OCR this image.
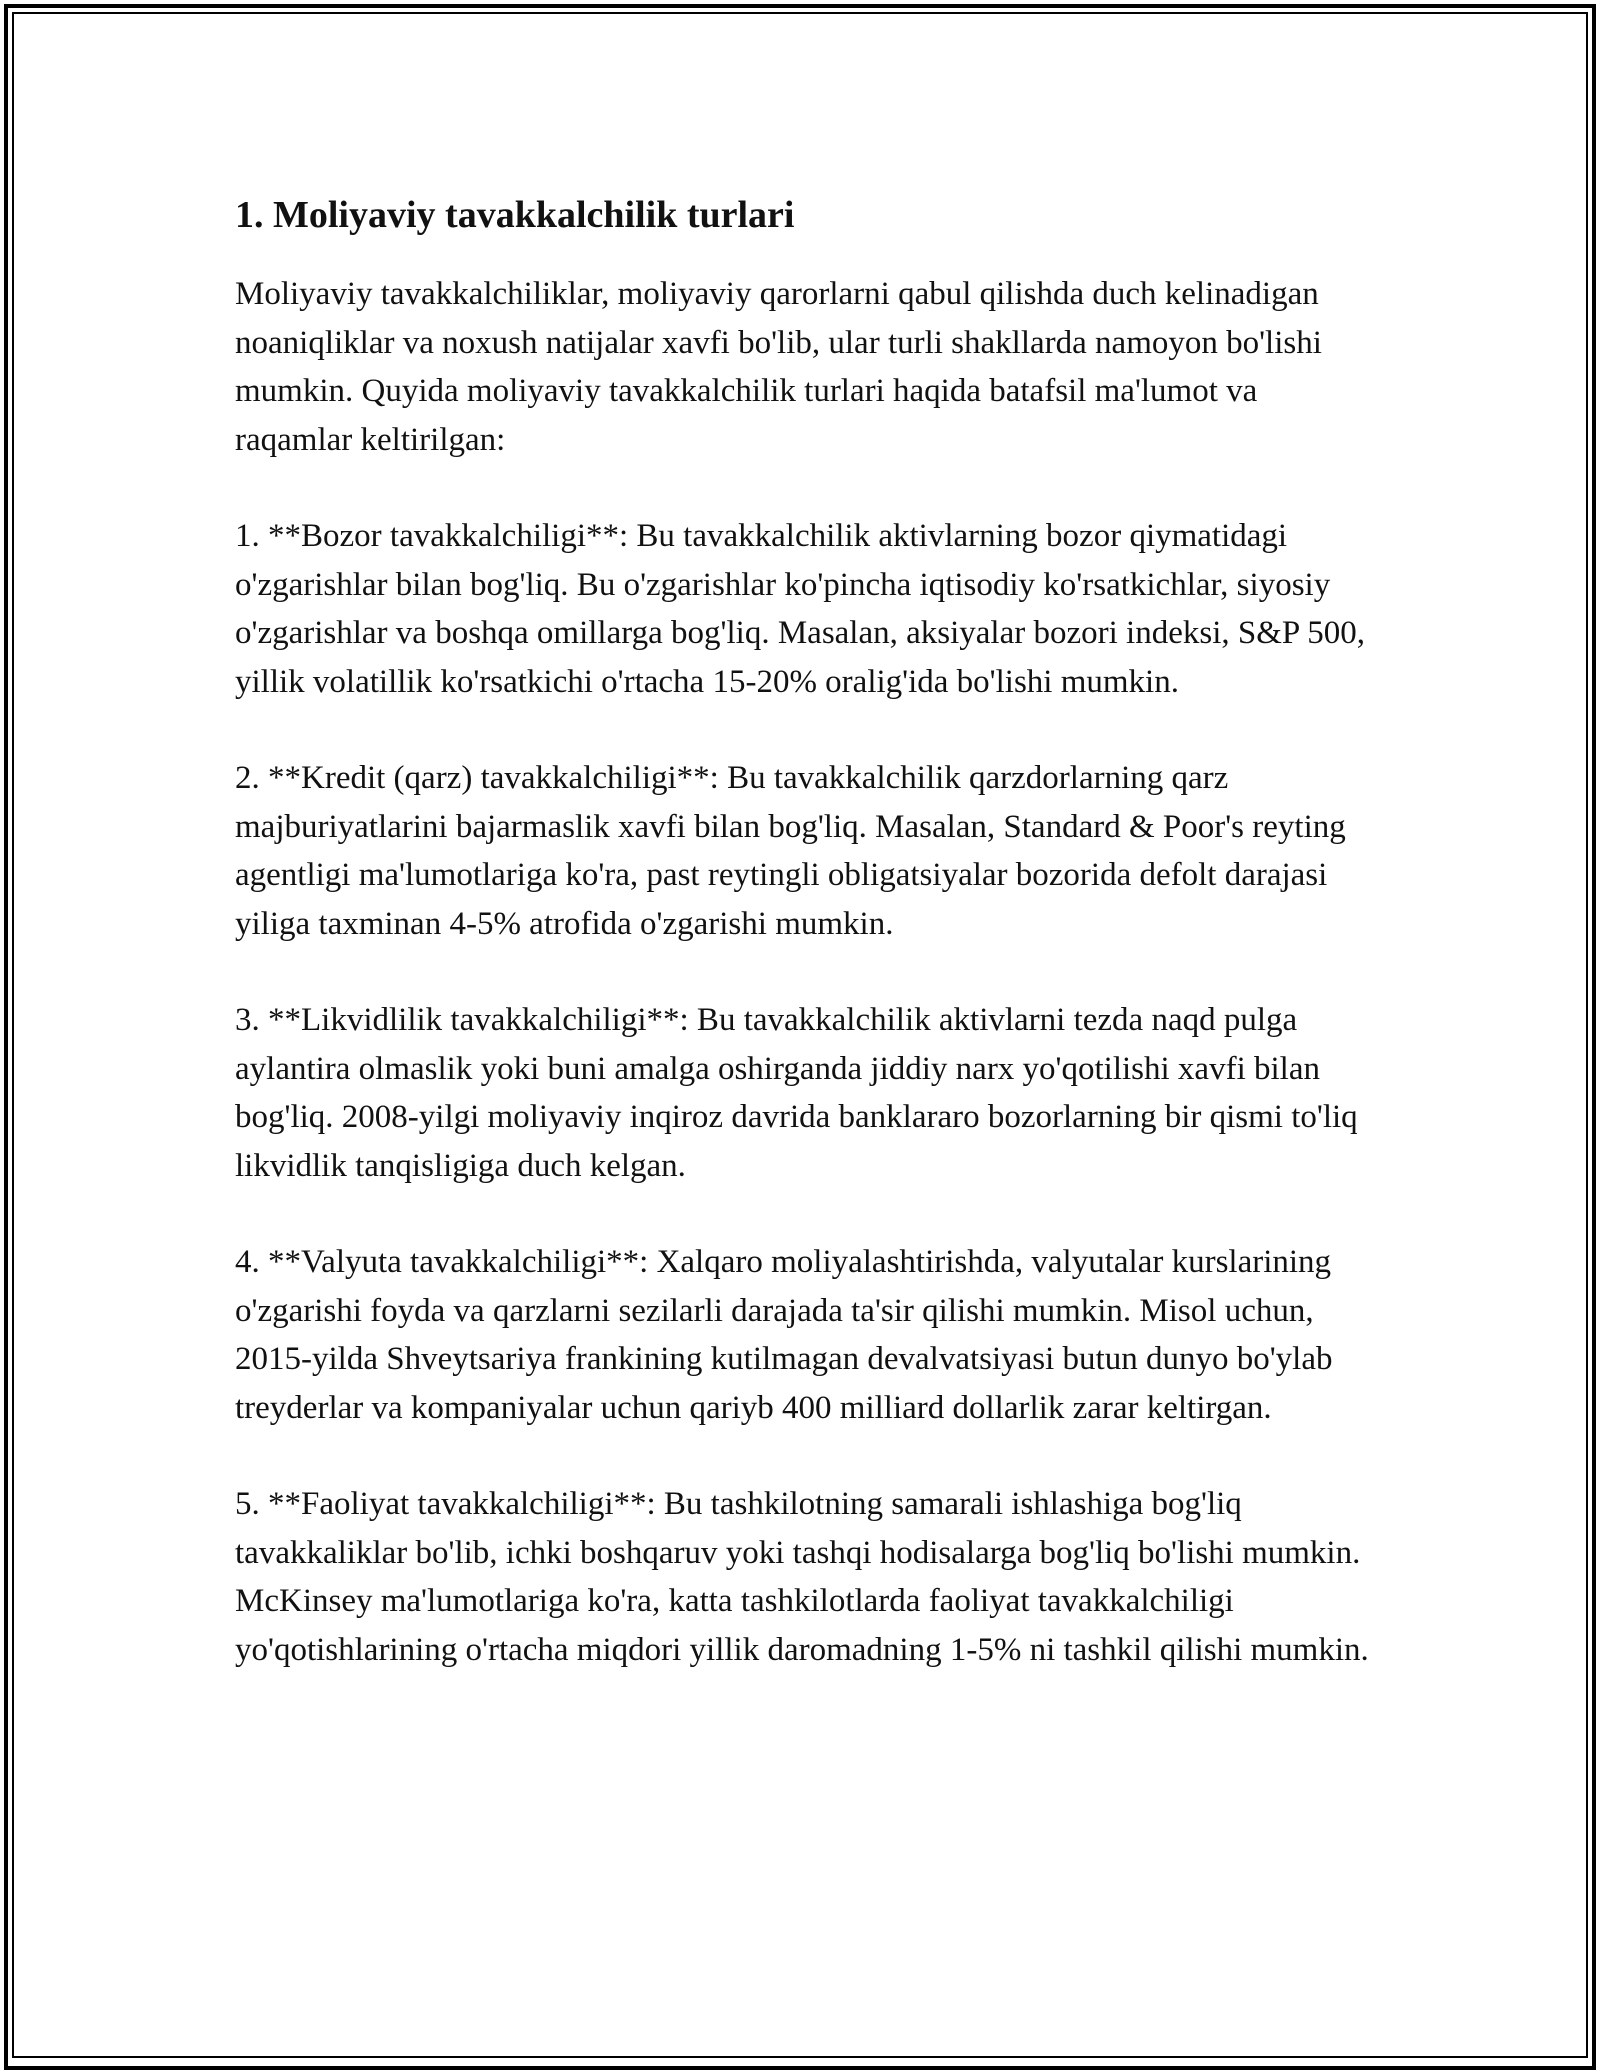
1. Moliyaviy tavakkalchilik turlari

Moliyaviy tavakkalchiliklar, moliyaviy qarorlarni qabul qilishda duch kelinadigan noaniqliklar va noxush natijalar xavfi bo'lib, ular turli shakllarda namoyon bo'lishi mumkin. Quyida moliyaviy tavakkalchilik turlari haqida batafsil ma'lumot va raqamlar keltirilgan:

1. **Bozor tavakkalchiligi**: Bu tavakkalchilik aktivlarning bozor qiymatidagi o'zgarishlar bilan bog'liq. Bu o'zgarishlar ko'pincha iqtisodiy ko'rsatkichlar, siyosiy o'zgarishlar va boshqa omillarga bog'liq. Masalan, aksiyalar bozori indeksi, S&P 500, yillik volatillik ko'rsatkichi o'rtacha 15-20% oralig'ida bo'lishi mumkin.

2. **Kredit (qarz) tavakkalchiligi**: Bu tavakkalchilik qarzdorlarning qarz majburiyatlarini bajarmaslik xavfi bilan bog'liq. Masalan, Standard & Poor's reyting agentligi ma'lumotlariga ko'ra, past reytingli obligatsiyalar bozorida defolt darajasi yiliga taxminan 4-5% atrofida o'zgarishi mumkin.

3. **Likvidlilik tavakkalchiligi**: Bu tavakkalchilik aktivlarni tezda naqd pulga aylantira olmaslik yoki buni amalga oshirganda jiddiy narx yo'qotilishi xavfi bilan bog'liq. 2008-yilgi moliyaviy inqiroz davrida banklararo bozorlarning bir qismi to'liq likvidlik tanqisligiga duch kelgan.

4. **Valyuta tavakkalchiligi**: Xalqaro moliyalashtirishda, valyutalar kurslarining o'zgarishi foyda va qarzlarni sezilarli darajada ta'sir qilishi mumkin. Misol uchun, 2015-yilda Shveytsariya frankining kutilmagan devalvatsiyasi butun dunyo bo'ylab treyderlar va kompaniyalar uchun qariyb 400 milliard dollarlik zarar keltirgan.

5. **Faoliyat tavakkalchiligi**: Bu tashkilotning samarali ishlashiga bog'liq tavakkaliklar bo'lib, ichki boshqaruv yoki tashqi hodisalarga bog'liq bo'lishi mumkin. McKinsey ma'lumotlariga ko'ra, katta tashkilotlarda faoliyat tavakkalchiligi yo'qotishlarining o'rtacha miqdori yillik daromadning 1-5% ni tashkil qilishi mumkin.
